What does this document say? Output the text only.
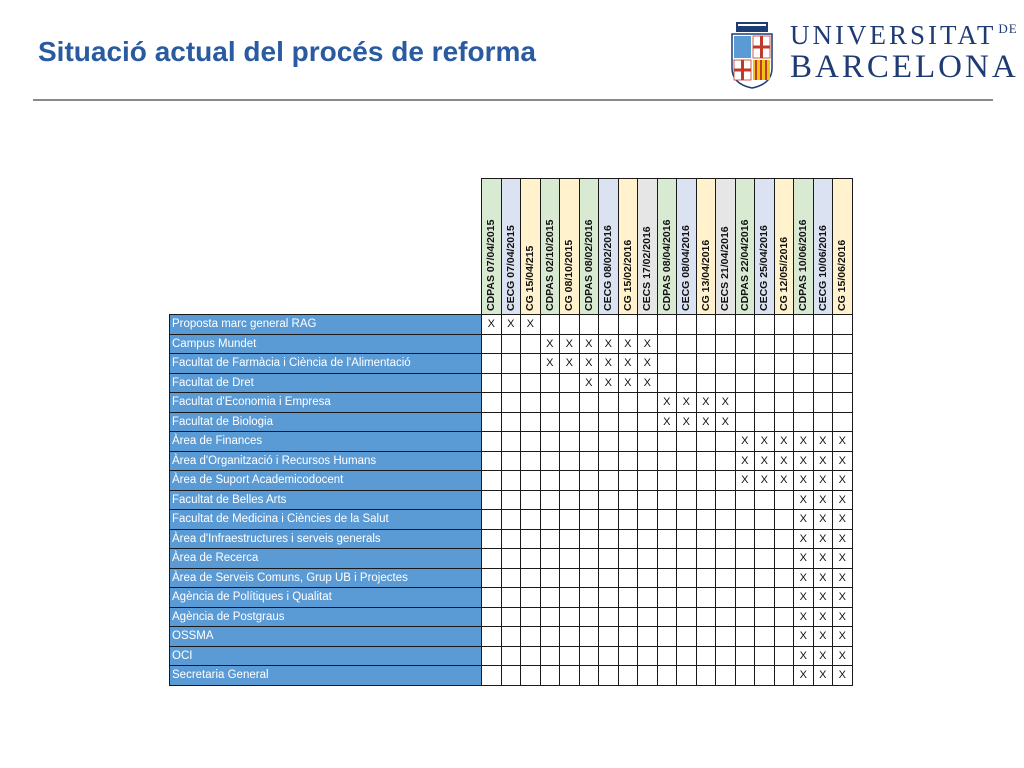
Situació actual del procés de reforma
UNIVERSITAT $^{DE}$
BARCELONA

CDPAS 07/04/2015	CECG 07/04/2015	CG 15/04/215	CDPAS 02/10/2015	CG 08/10/2015	CDPAS 08/02/2016	CECG 08/02/2016	CG 15/02/2016	CECS 17/02/2016	CDPAS 08/04/2016	CECG 08/04/2016	CG 13/04/2016	CECS 21/04/2016	CDPAS 22/04/2016	CECG 25/04/2016	CG 12/05//2016	CDPAS 10/06/2016	CECG 10/06/2016	CG 15/06/2016

Proposta marc general RAG	X	X	X																
Campus Mundet				X	X	X	X	X	X										
Facultat de Farmàcia i Ciència de l'Alimentació				X	X	X	X	X	X										
Facultat de Dret						X	X	X	X										
Facultat d'Economia i Empresa										X	X	X	X						
Facultat de Biologia										X	X	X	X						
Àrea de Finances														X	X	X	X	X	X
Àrea d'Organització i Recursos Humans														X	X	X	X	X	X
Àrea de Suport Academicodocent														X	X	X	X	X	X
Facultat de Belles Arts																	X	X	X
Facultat de Medicina i Ciències de la Salut																	X	X	X
Àrea d'Infraestructures i serveis generals																	X	X	X
Àrea de Recerca																	X	X	X
Àrea de Serveis Comuns, Grup UB i Projectes																	X	X	X
Agència de Polítiques i Qualitat																	X	X	X
Agència de Postgraus																	X	X	X
OSSMA																	X	X	X
OCI																	X	X	X
Secretaria General																	X	X	X
